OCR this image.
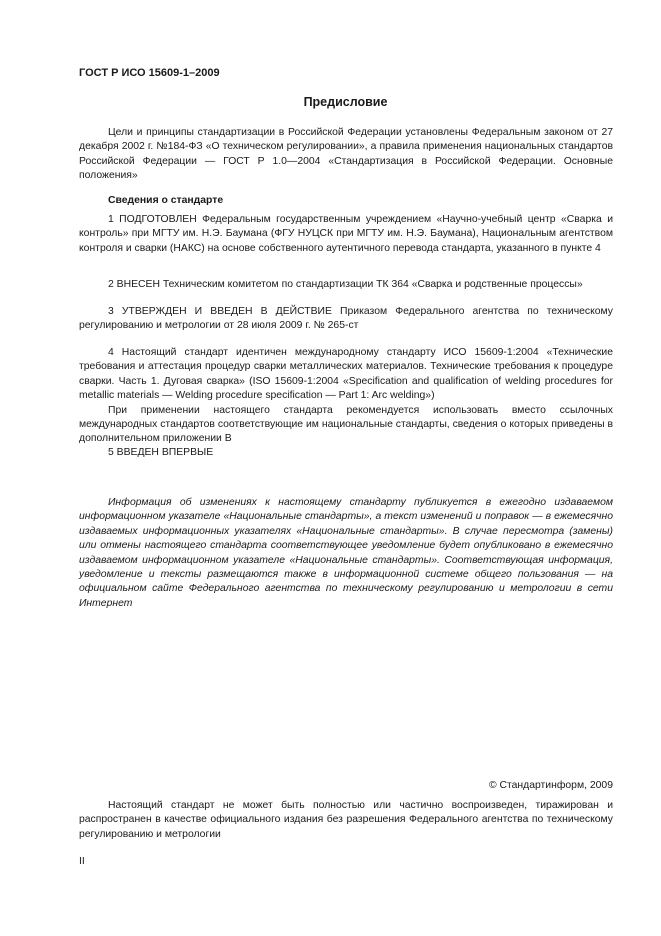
ГОСТ Р ИСО 15609-1–2009
Предисловие

Цели и принципы стандартизации в Российской Федерации установлены Федеральным законом от 27 декабря 2002 г. №184-ФЗ «О техническом регулировании», а правила применения национальных стандартов Российской Федерации — ГОСТ Р 1.0—2004 «Стандартизация в Российской Федерации. Основные положения»

Сведения о стандарте

1 ПОДГОТОВЛЕН Федеральным государственным учреждением «Научно-учебный центр «Сварка и контроль» при МГТУ им. Н.Э. Баумана (ФГУ НУЦСК при МГТУ им. Н.Э. Баумана), Национальным агентством контроля и сварки (НАКС) на основе собственного аутентичного перевода стандарта, указанного в пункте 4

2 ВНЕСЕН Техническим комитетом по стандартизации ТК 364 «Сварка и родственные процессы»

3 УТВЕРЖДЕН И ВВЕДЕН В ДЕЙСТВИЕ Приказом Федерального агентства по техническому регулированию и метрологии от 28 июля 2009 г. № 265-ст

4 Настоящий стандарт идентичен международному стандарту ИСО 15609-1:2004 «Технические требования и аттестация процедур сварки металлических материалов. Технические требования к процедуре сварки. Часть 1. Дуговая сварка» (ISO 15609-1:2004 «Specification and qualification of welding procedures for metallic materials — Welding procedure specification — Part 1: Arc welding»)

При применении настоящего стандарта рекомендуется использовать вместо ссылочных международных стандартов соответствующие им национальные стандарты, сведения о которых приведены в дополнительном приложении В

5 ВВЕДЕН ВПЕРВЫЕ

Информация об изменениях к настоящему стандарту публикуется в ежегодно издаваемом информационном указателе «Национальные стандарты», а текст изменений и поправок — в ежемесячно издаваемых информационных указателях «Национальные стандарты». В случае пересмотра (замены) или отмены настоящего стандарта соответствующее уведомление будет опубликовано в ежемесячно издаваемом информационном указателе «Национальные стандарты». Соответствующая информация, уведомление и тексты размещаются также в информационной системе общего пользования — на официальном сайте Федерального агентства по техническому регулированию и метрологии в сети Интернет

© Стандартинформ, 2009

Настоящий стандарт не может быть полностью или частично воспроизведен, тиражирован и распространен в качестве официального издания без разрешения Федерального агентства по техническому регулированию и метрологии

II
